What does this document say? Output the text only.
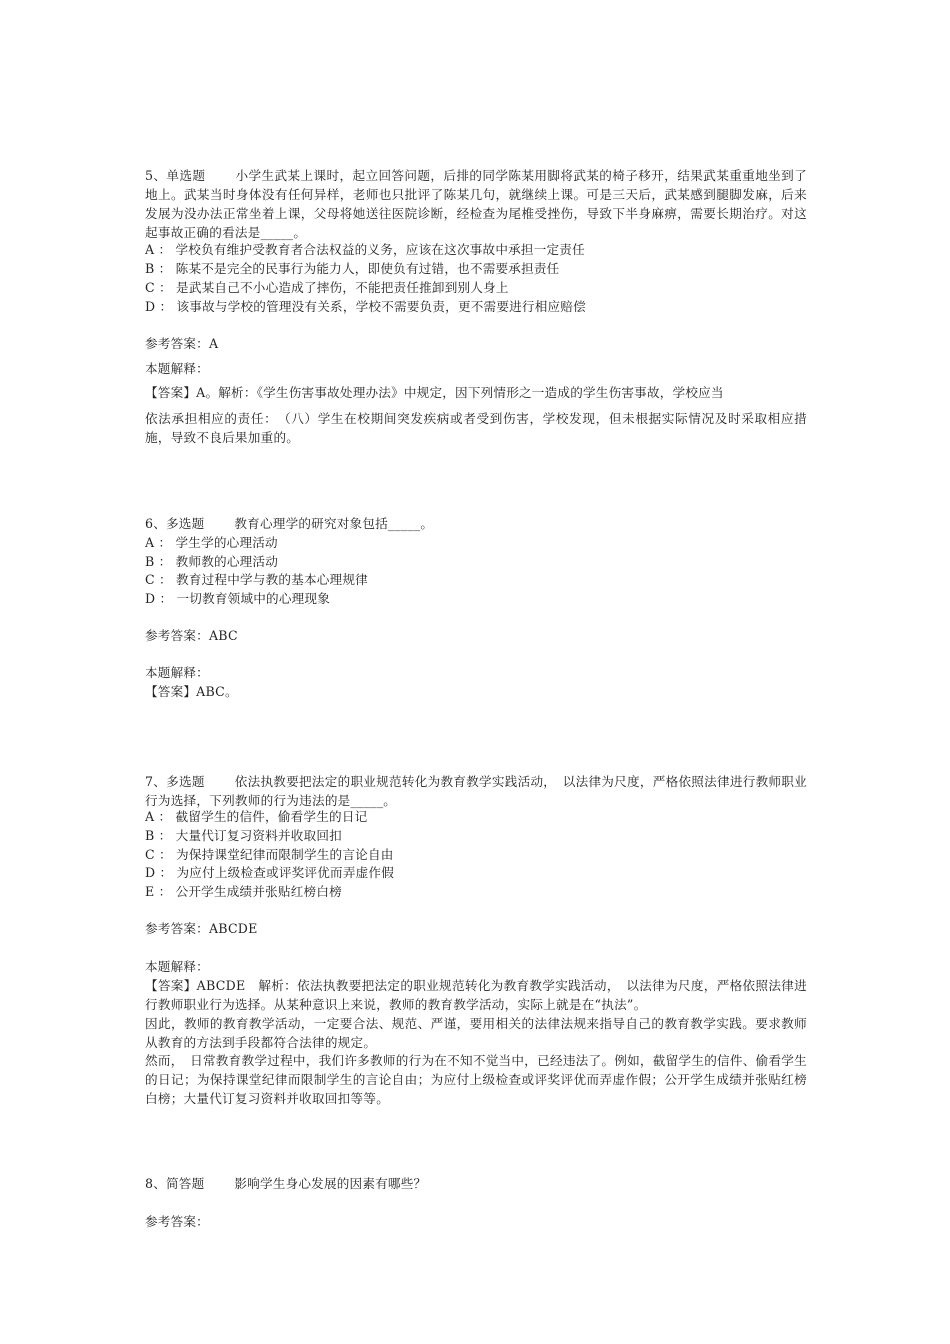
5、单选题 小学生武某上课时，起立回答问题，后排的同学陈某用脚将武某的椅子移开，结果武某重重地坐到了地上。武某当时身体没有任何异样，老师也只批评了陈某几句，就继续上课。可是三天后，武某感到腿脚发麻，后来发展为没办法正常坐着上课，父母将她送往医院诊断，经检查为尾椎受挫伤，导致下半身麻痹，需要长期治疗。对这起事故正确的看法是_____。
A ： 学校负有维护受教育者合法权益的义务，应该在这次事故中承担一定责任
B ： 陈某不是完全的民事行为能力人，即使负有过错，也不需要承担责任
C ： 是武某自己不小心造成了摔伤，不能把责任推卸到别人身上
D ： 该事故与学校的管理没有关系，学校不需要负责，更不需要进行相应赔偿
参考答案：A
本题解释：
【答案】A。解析：《学生伤害事故处理办法》中规定，因下列情形之一造成的学生伤害事故，学校应当
依法承担相应的责任：　（八）学生在校期间突发疾病或者受到伤害，学校发现，但未根据实际情况及时采取相应措施，导致不良后果加重的。
6、多选题 教育心理学的研究对象包括_____。
A ： 学生学的心理活动
B ： 教师教的心理活动
C ： 教育过程中学与教的基本心理规律
D ： 一切教育领域中的心理现象
参考答案：ABC
本题解释：
【答案】ABC。
7、多选题 依法执教要把法定的职业规范转化为教育教学实践活动，　以法律为尺度，严格依照法律进行教师职业行为选择，下列教师的行为违法的是_____。
A ： 截留学生的信件，偷看学生的日记
B ： 大量代订复习资料并收取回扣
C ： 为保持课堂纪律而限制学生的言论自由
D ： 为应付上级检查或评奖评优而弄虚作假
E ： 公开学生成绩并张贴红榜白榜
参考答案：ABCDE
本题解释：
【答案】ABCDE　解析：依法执教要把法定的职业规范转化为教育教学实践活动，　以法律为尺度，严格依照法律进行教师职业行为选择。从某种意识上来说，教师的教育教学活动，实际上就是在“执法”。
因此，教师的教育教学活动，一定要合法、规范、严谨，要用相关的法律法规来指导自己的教育教学实践。要求教师从教育的方法到手段都符合法律的规定。
然而，　日常教育教学过程中，我们许多教师的行为在不知不觉当中，已经违法了。例如，截留学生的信件、偷看学生的日记；为保持课堂纪律而限制学生的言论自由；为应付上级检查或评奖评优而弄虚作假；公开学生成绩并张贴红榜白榜；大量代订复习资料并收取回扣等等。
8、简答题 影响学生身心发展的因素有哪些？
参考答案：
